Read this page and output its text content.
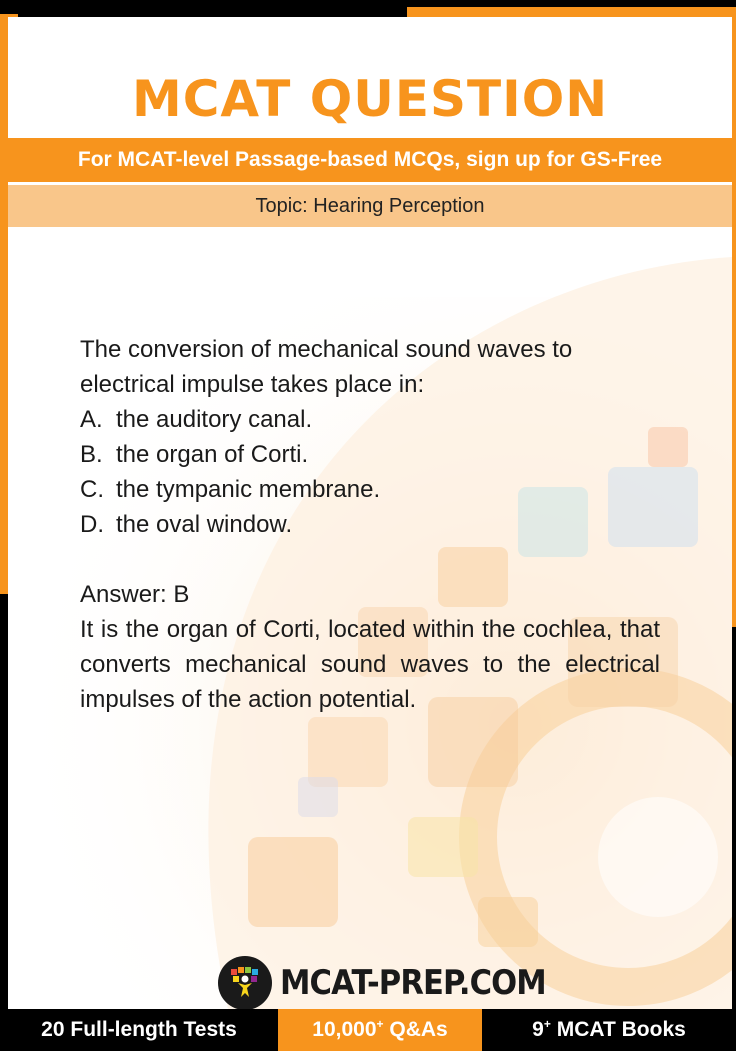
MCAT QUESTION
For MCAT-level Passage-based MCQs, sign up for GS-Free
Topic: Hearing Perception
The conversion of mechanical sound waves to electrical impulse takes place in:
A. the auditory canal.
B. the organ of Corti.
C. the tympanic membrane.
D. the oval window.
Answer: B
It is the organ of Corti, located within the cochlea, that converts mechanical sound waves to the electrical impulses of the action potential.
MCAT-PREP.COM
20 Full-length Tests	10,000+ Q&As	9+ MCAT Books
